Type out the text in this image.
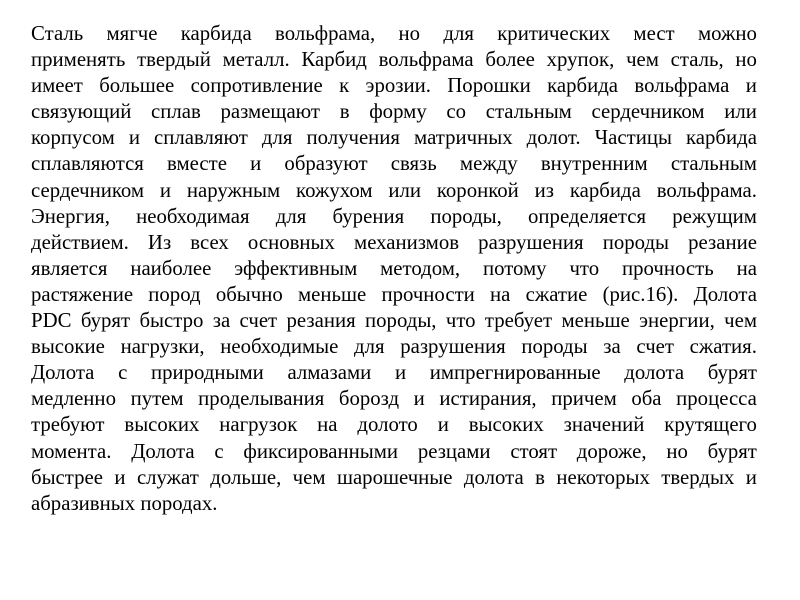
Сталь мягче карбида вольфрама, но для критических мест можно
применять твердый металл. Карбид вольфрама более хрупок, чем сталь, но
имеет большее сопротивление к эрозии. Порошки карбида вольфрама и
связующий сплав размещают в форму со стальным сердечником или
корпусом и сплавляют для получения матричных долот. Частицы карбида
сплавляются вместе и образуют связь между внутренним стальным
сердечником и наружным кожухом или коронкой из карбида вольфрама.
Энергия, необходимая для бурения породы, определяется режущим
действием. Из всех основных механизмов разрушения породы резание
является наиболее эффективным методом, потому что прочность на
растяжение пород обычно меньше прочности на сжатие (рис.16). Долота
PDC бурят быстро за счет резания породы, что требует меньше энергии, чем
высокие нагрузки, необходимые для разрушения породы за счет сжатия.
Долота с природными алмазами и импрегнированные долота бурят
медленно путем проделывания борозд и истирания, причем оба процесса
требуют высоких нагрузок на долото и высоких значений крутящего
момента. Долота с фиксированными резцами стоят дороже, но бурят
быстрее и служат дольше, чем шарошечные долота в некоторых твердых и
абразивных породах.
